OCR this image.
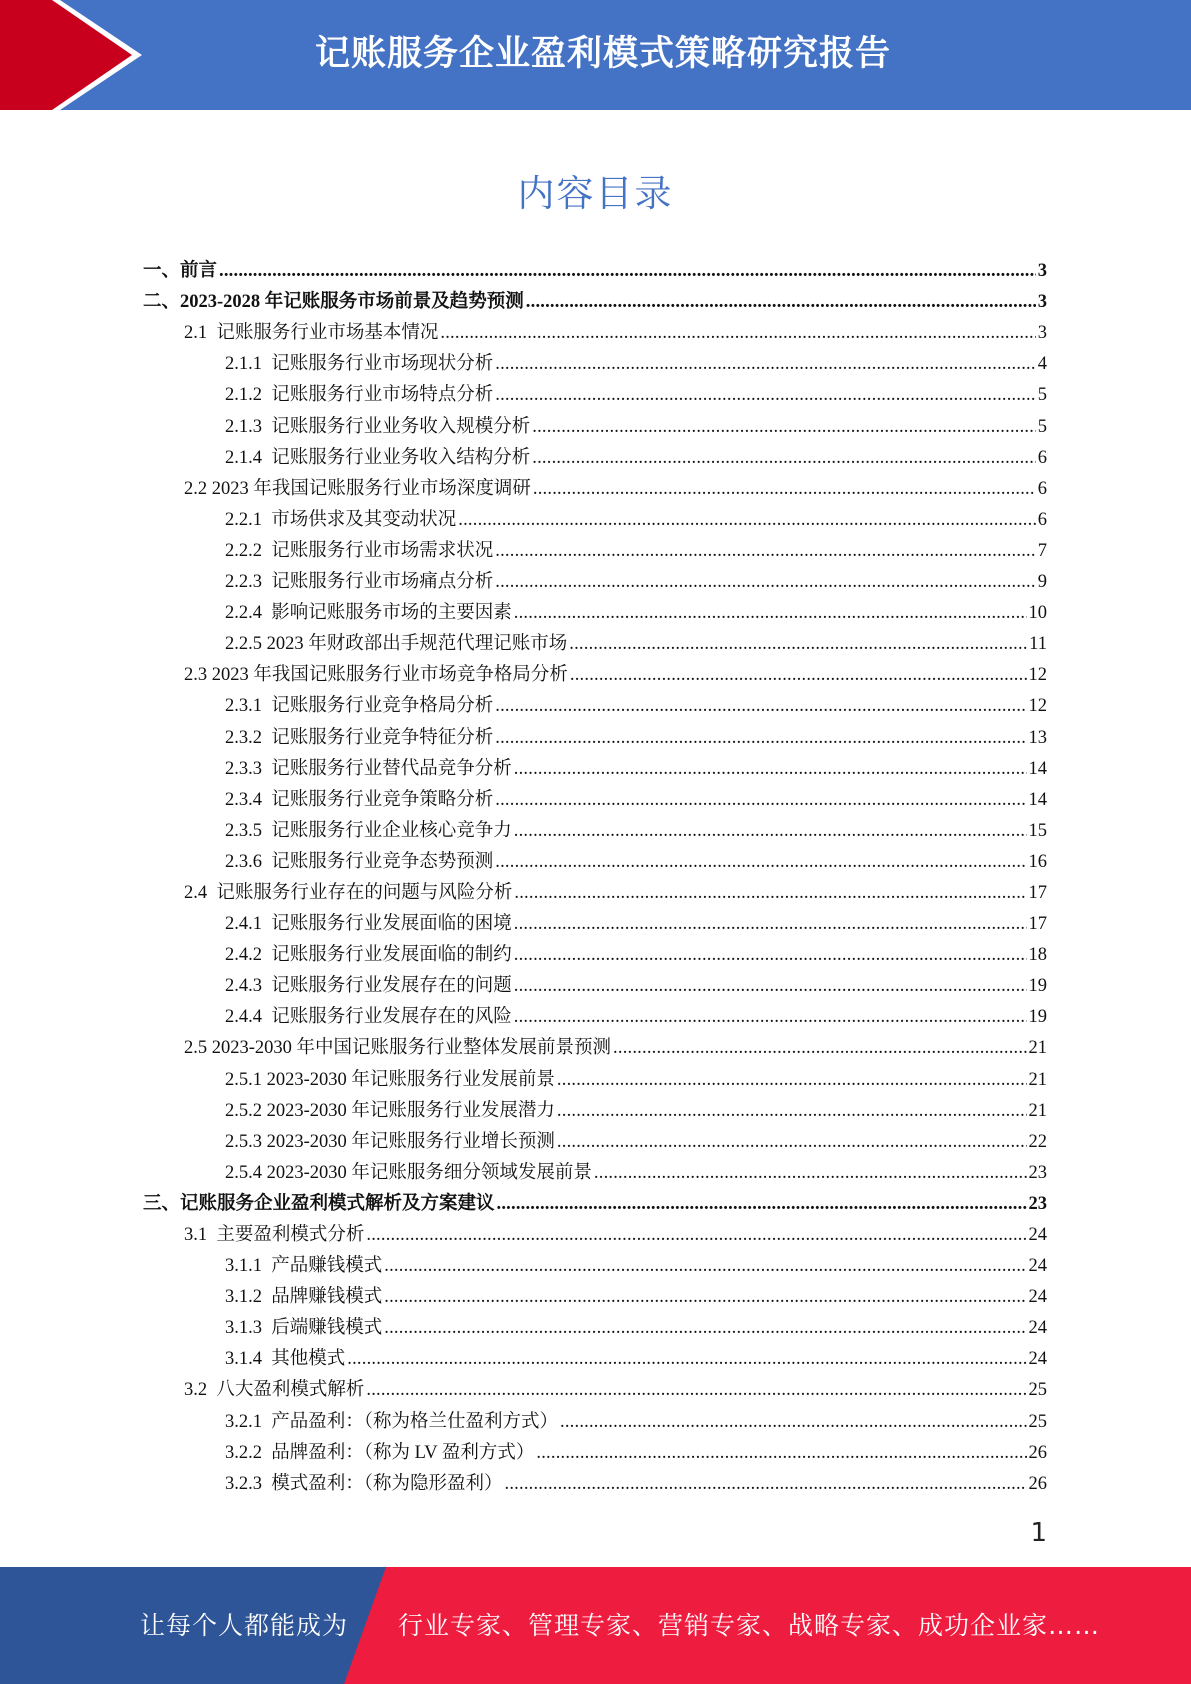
记账服务企业盈利模式策略研究报告
内容目录
一、前言 .....	3
二、2023-2028 年记账服务市场前景及趋势预测 .....	3
2.1  记账服务行业市场基本情况 .....	3
2.1.1  记账服务行业市场现状分析 .....	4
2.1.2  记账服务行业市场特点分析 .....	5
2.1.3  记账服务行业业务收入规模分析 .....	5
2.1.4  记账服务行业业务收入结构分析 .....	6
2.2 2023 年我国记账服务行业市场深度调研 .....	6
2.2.1  市场供求及其变动状况 .....	6
2.2.2  记账服务行业市场需求状况 .....	7
2.2.3  记账服务行业市场痛点分析 .....	9
2.2.4  影响记账服务市场的主要因素 .....	10
2.2.5 2023 年财政部出手规范代理记账市场 .....	11
2.3 2023 年我国记账服务行业市场竞争格局分析 .....	12
2.3.1  记账服务行业竞争格局分析 .....	12
2.3.2  记账服务行业竞争特征分析 .....	13
2.3.3  记账服务行业替代品竞争分析 .....	14
2.3.4  记账服务行业竞争策略分析 .....	14
2.3.5  记账服务行业企业核心竞争力 .....	15
2.3.6  记账服务行业竞争态势预测 .....	16
2.4  记账服务行业存在的问题与风险分析 .....	17
2.4.1  记账服务行业发展面临的困境 .....	17
2.4.2  记账服务行业发展面临的制约 .....	18
2.4.3  记账服务行业发展存在的问题 .....	19
2.4.4  记账服务行业发展存在的风险 .....	19
2.5 2023-2030 年中国记账服务行业整体发展前景预测 .....	21
2.5.1 2023-2030 年记账服务行业发展前景 .....	21
2.5.2 2023-2030 年记账服务行业发展潜力 .....	21
2.5.3 2023-2030 年记账服务行业增长预测 .....	22
2.5.4 2023-2030 年记账服务细分领域发展前景 .....	23
三、记账服务企业盈利模式解析及方案建议 .....	23
3.1  主要盈利模式分析 .....	24
3.1.1  产品赚钱模式 .....	24
3.1.2  品牌赚钱模式 .....	24
3.1.3  后端赚钱模式 .....	24
3.1.4  其他模式 .....	24
3.2  八大盈利模式解析 .....	25
3.2.1  产品盈利：（称为格兰仕盈利方式） .....	25
3.2.2  品牌盈利：（称为 LV 盈利方式） .....	26
3.2.3  模式盈利：（称为隐形盈利） .....	26
1
让每个人都能成为 行业专家、管理专家、营销专家、战略专家、成功企业家……
